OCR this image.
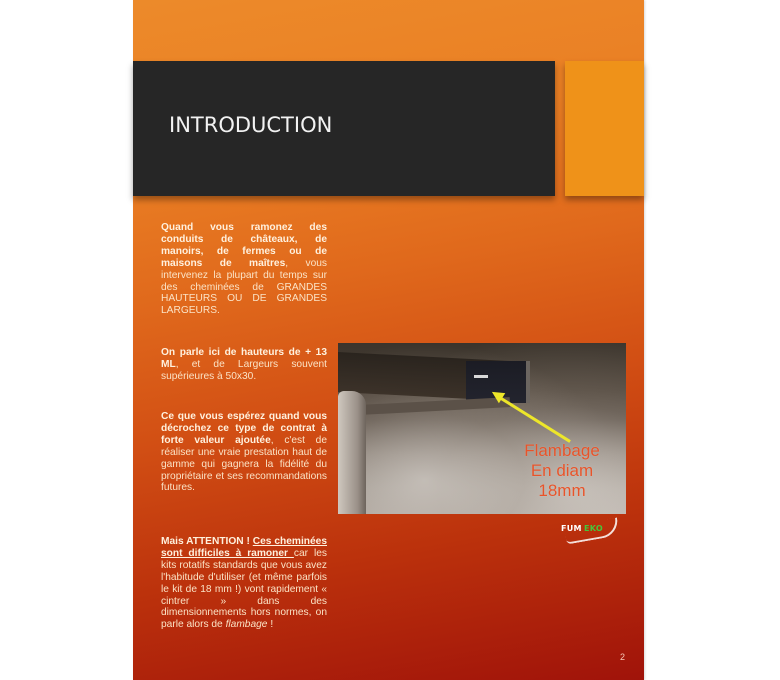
INTRODUCTION
Quand vous ramonez des conduits de châteaux, de manoirs, de fermes ou de maisons de maîtres, vous intervenez la plupart du temps sur des cheminées de GRANDES HAUTEURS OU DE GRANDES LARGEURS.
On parle ici de hauteurs de + 13 ML, et de Largeurs souvent supérieures à 50x30.
Ce que vous espérez quand vous décrochez ce type de contrat à forte valeur ajoutée, c'est de réaliser une vraie prestation haut de gamme qui gagnera la fidélité du propriétaire et ses recommandations futures.
Mais ATTENTION ! Ces cheminées sont difficiles à ramoner car les kits rotatifs standards que vous avez l'habitude d'utiliser (et même parfois le kit de 18 mm !) vont rapidement « cintrer » dans des dimensionnements hors normes, on parle alors de flambage !
Flambage
En diam
18mm
FUM EKO
2
